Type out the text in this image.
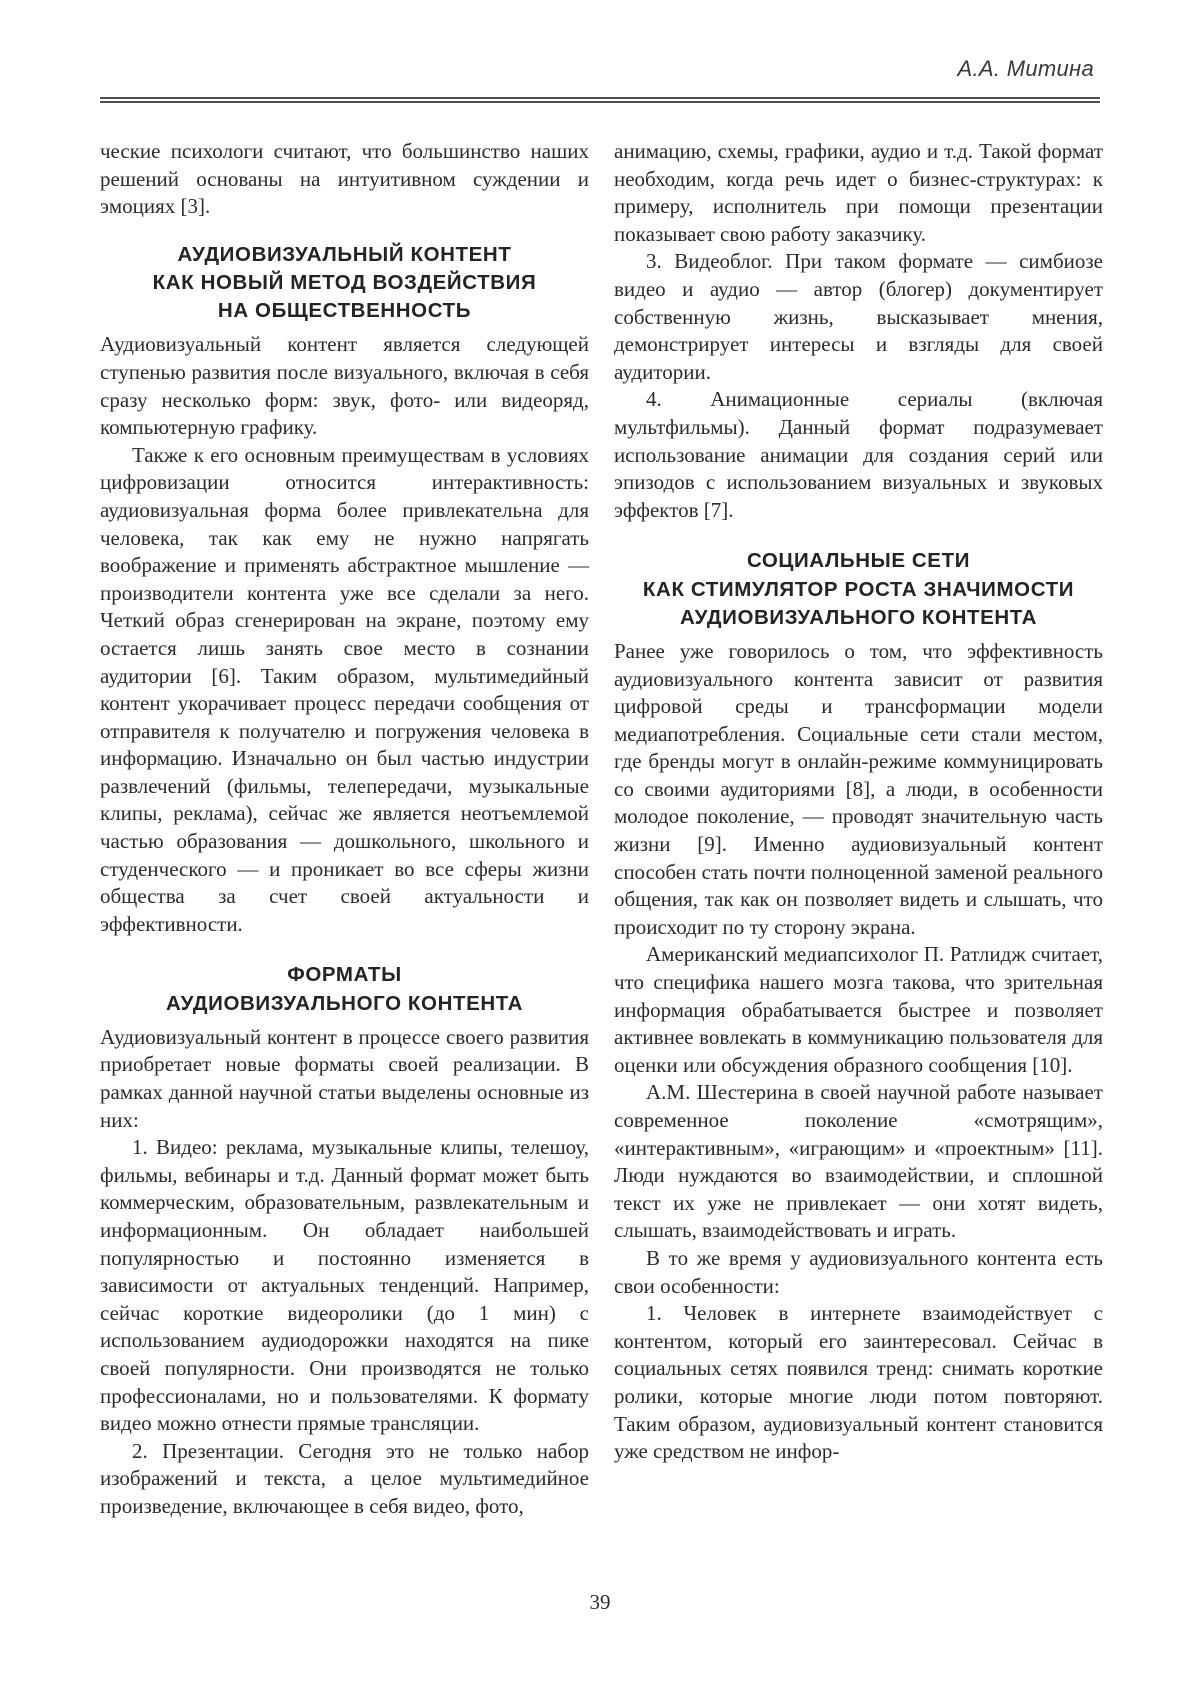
А.А. Митина

ческие психологи считают, что большинство наших решений основаны на интуитивном суждении и эмоциях [3].

АУДИОВИЗУАЛЬНЫЙ КОНТЕНТ
КАК НОВЫЙ МЕТОД ВОЗДЕЙСТВИЯ
НА ОБЩЕСТВЕННОСТЬ

Аудиовизуальный контент является следующей ступенью развития после визуального, включая в себя сразу несколько форм: звук, фото- или видеоряд, компьютерную графику.

Также к его основным преимуществам в условиях цифровизации относится интерактивность: аудиовизуальная форма более привлекательна для человека, так как ему не нужно напрягать воображение и применять абстрактное мышление — производители контента уже все сделали за него. Четкий образ сгенерирован на экране, поэтому ему остается лишь занять свое место в сознании аудитории [6]. Таким образом, мультимедийный контент укорачивает процесс передачи сообщения от отправителя к получателю и погружения человека в информацию. Изначально он был частью индустрии развлечений (фильмы, телепередачи, музыкальные клипы, реклама), сейчас же является неотъемлемой частью образования — дошкольного, школьного и студенческого — и проникает во все сферы жизни общества за счет своей актуальности и эффективности.

ФОРМАТЫ
АУДИОВИЗУАЛЬНОГО КОНТЕНТА

Аудиовизуальный контент в процессе своего развития приобретает новые форматы своей реализации. В рамках данной научной статьи выделены основные из них:

1. Видео: реклама, музыкальные клипы, телешоу, фильмы, вебинары и т.д. Данный формат может быть коммерческим, образовательным, развлекательным и информационным. Он обладает наибольшей популярностью и постоянно изменяется в зависимости от актуальных тенденций. Например, сейчас короткие видеоролики (до 1 мин) с использованием аудиодорожки находятся на пике своей популярности. Они производятся не только профессионалами, но и пользователями. К формату видео можно отнести прямые трансляции.

2. Презентации. Сегодня это не только набор изображений и текста, а целое мультимедийное произведение, включающее в себя видео, фото,

анимацию, схемы, графики, аудио и т.д. Такой формат необходим, когда речь идет о бизнес-структурах: к примеру, исполнитель при помощи презентации показывает свою работу заказчику.

3. Видеоблог. При таком формате — симбиозе видео и аудио — автор (блогер) документирует собственную жизнь, высказывает мнения, демонстрирует интересы и взгляды для своей аудитории.

4. Анимационные сериалы (включая мультфильмы). Данный формат подразумевает использование анимации для создания серий или эпизодов с использованием визуальных и звуковых эффектов [7].

СОЦИАЛЬНЫЕ СЕТИ
КАК СТИМУЛЯТОР РОСТА ЗНАЧИМОСТИ
АУДИОВИЗУАЛЬНОГО КОНТЕНТА

Ранее уже говорилось о том, что эффективность аудиовизуального контента зависит от развития цифровой среды и трансформации модели медиапотребления. Социальные сети стали местом, где бренды могут в онлайн-режиме коммуницировать со своими аудиториями [8], а люди, в особенности молодое поколение, — проводят значительную часть жизни [9]. Именно аудиовизуальный контент способен стать почти полноценной заменой реального общения, так как он позволяет видеть и слышать, что происходит по ту сторону экрана.

Американский медиапсихолог П. Ратлидж считает, что специфика нашего мозга такова, что зрительная информация обрабатывается быстрее и позволяет активнее вовлекать в коммуникацию пользователя для оценки или обсуждения образного сообщения [10].

А.М. Шестерина в своей научной работе называет современное поколение «смотрящим», «интерактивным», «играющим» и «проектным» [11]. Люди нуждаются во взаимодействии, и сплошной текст их уже не привлекает — они хотят видеть, слышать, взаимодействовать и играть.

В то же время у аудиовизуального контента есть свои особенности:

1. Человек в интернете взаимодействует с контентом, который его заинтересовал. Сейчас в социальных сетях появился тренд: снимать короткие ролики, которые многие люди потом повторяют. Таким образом, аудиовизуальный контент становится уже средством не инфор-

39
